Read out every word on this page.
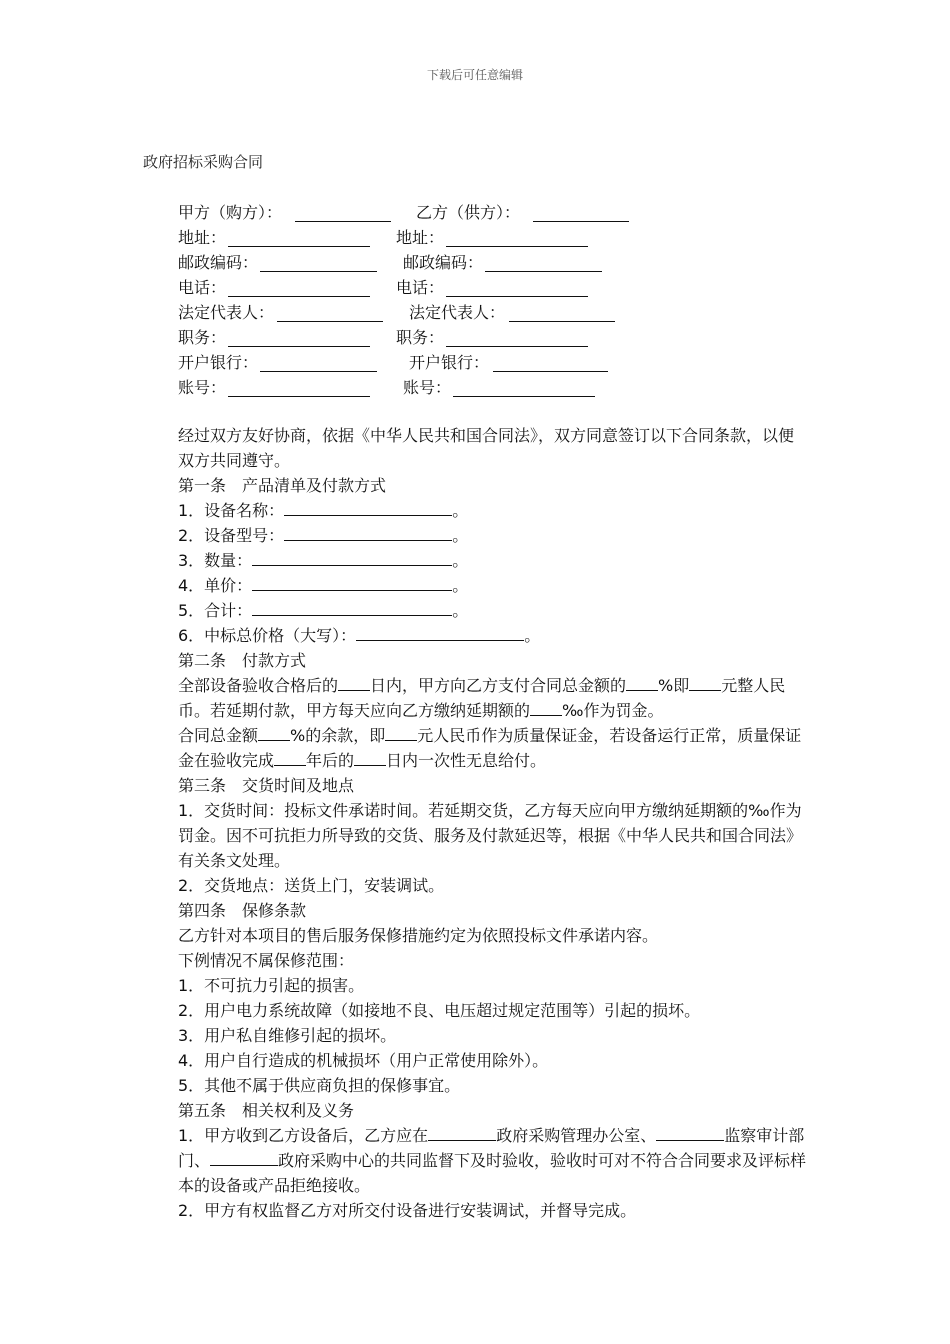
下载后可任意编辑
政府招标采购合同
甲方（购方）：	乙方（供方）：
地址：	地址：
邮政编码：	邮政编码：
电话：	电话：
法定代表人：	法定代表人：
职务：	职务：
开户银行：	开户银行：
账号：	账号：

经过双方友好协商，依据《中华人民共和国合同法》，双方同意签订以下合同条款，以便双方共同遵守。

第一条　产品清单及付款方式

1．设备名称：	。

2．设备型号：	。

3．数量：	。

4．单价：	。

5．合计：	。

6．中标总价格（大写）：	。

第二条　付款方式

全部设备验收合格后的 日内，甲方向乙方支付合同总金额的 %即 元整人民币。若延期付款，甲方每天应向乙方缴纳延期额的 ‰作为罚金。

合同总金额 %的余款，即 元人民币作为质量保证金，若设备运行正常，质量保证金在验收完成 年后的 日内一次性无息给付。

第三条　交货时间及地点

1．交货时间：投标文件承诺时间。若延期交货，乙方每天应向甲方缴纳延期额的‰作为罚金。因不可抗拒力所导致的交货、服务及付款延迟等，根据《中华人民共和国合同法》有关条文处理。

2．交货地点：送货上门，安装调试。

第四条　保修条款

乙方针对本项目的售后服务保修措施约定为依照投标文件承诺内容。

下例情况不属保修范围：

1．不可抗力引起的损害。

2．用户电力系统故障（如接地不良、电压超过规定范围等）引起的损坏。

3．用户私自维修引起的损坏。

4．用户自行造成的机械损坏（用户正常使用除外）。

5．其他不属于供应商负担的保修事宜。

第五条　相关权利及义务

1．甲方收到乙方设备后，乙方应在	政府采购管理办公室、	监察审计部门、	政府采购中心的共同监督下及时验收，验收时可对不符合合同要求及评标样本的设备或产品拒绝接收。

2．甲方有权监督乙方对所交付设备进行安装调试，并督导完成。
